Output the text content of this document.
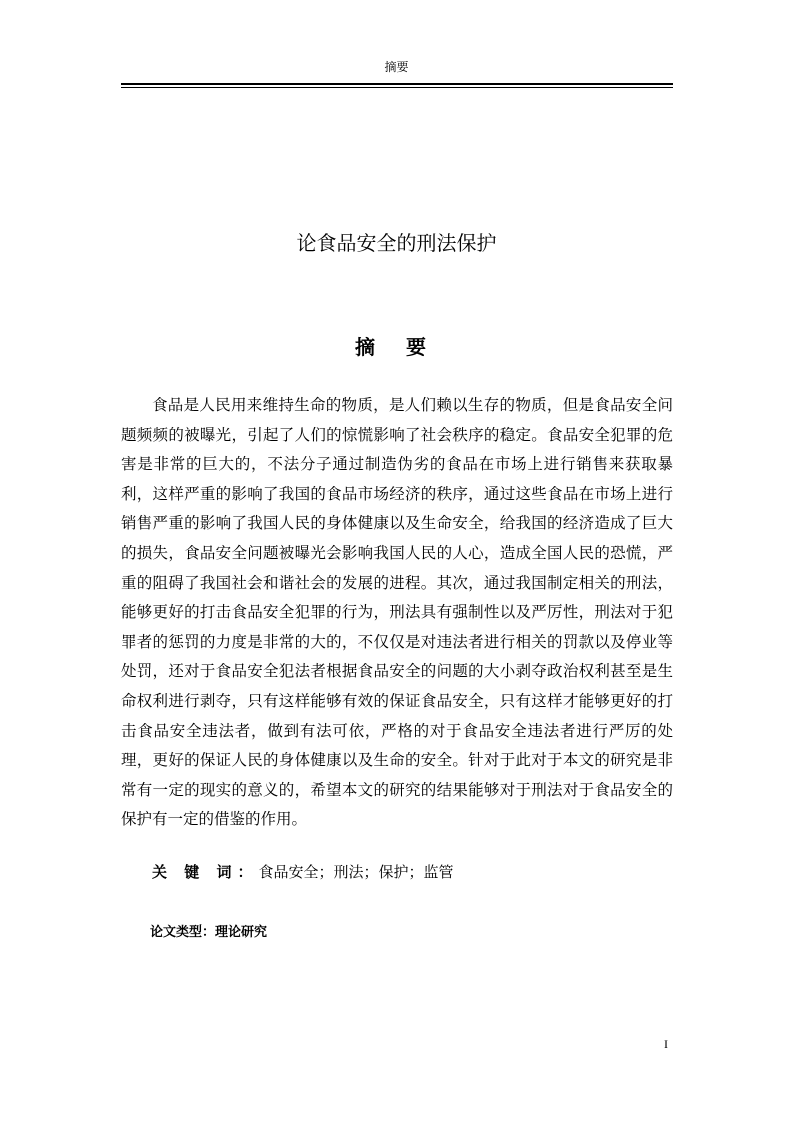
摘要
论食品安全的刑法保护
摘 要

食品是人民用来维持生命的物质，是人们赖以生存的物质，但是食品安全问题频频的被曝光，引起了人们的惊慌影响了社会秩序的稳定。食品安全犯罪的危害是非常的巨大的，不法分子通过制造伪劣的食品在市场上进行销售来获取暴利，这样严重的影响了我国的食品市场经济的秩序，通过这些食品在市场上进行销售严重的影响了我国人民的身体健康以及生命安全，给我国的经济造成了巨大的损失，食品安全问题被曝光会影响我国人民的人心，造成全国人民的恐慌，严重的阻碍了我国社会和谐社会的发展的进程。其次，通过我国制定相关的刑法，能够更好的打击食品安全犯罪的行为，刑法具有强制性以及严厉性，刑法对于犯罪者的惩罚的力度是非常的大的，不仅仅是对违法者进行相关的罚款以及停业等处罚，还对于食品安全犯法者根据食品安全的问题的大小剥夺政治权利甚至是生命权利进行剥夺，只有这样能够有效的保证食品安全，只有这样才能够更好的打击食品安全违法者，做到有法可依，严格的对于食品安全违法者进行严厉的处理，更好的保证人民的身体健康以及生命的安全。针对于此对于本文的研究是非常有一定的现实的意义的，希望本文的研究的结果能够对于刑法对于食品安全的保护有一定的借鉴的作用。

关 键 词：食品安全；刑法；保护；监管
论文类型：理论研究
I
